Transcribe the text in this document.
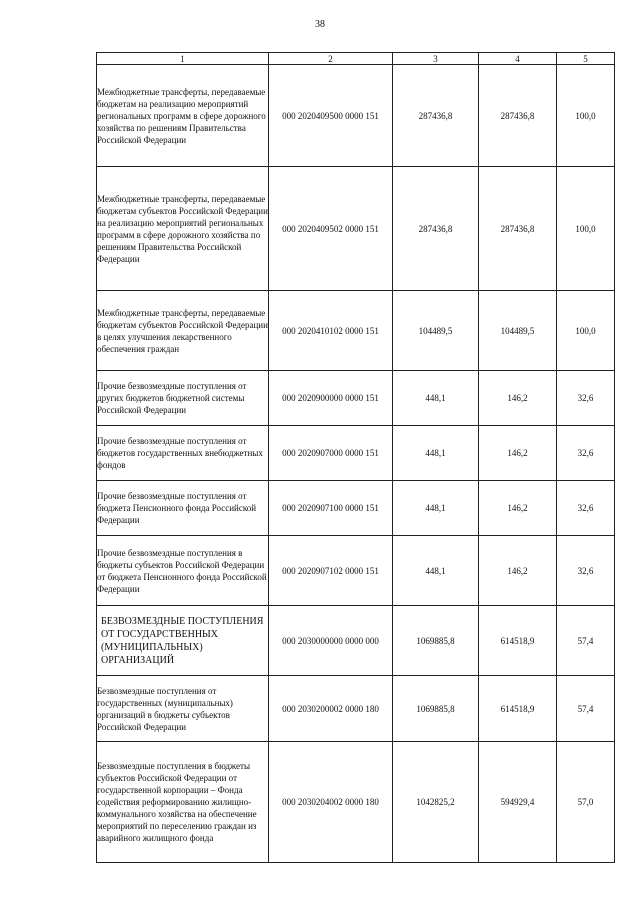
38
1	2	3	4	5

Межбюджетные трансферты, передаваемые бюджетам на реализацию мероприятий региональных программ в сфере дорожного хозяйства по решениям Правительства Российской Федерации	000 2020409500 0000 151	287436,8	287436,8	100,0

Межбюджетные трансферты, передаваемые бюджетам субъектов Российской Федерации на реализацию мероприятий региональных программ в сфере дорожного хозяйства по решениям Правительства Российской Федерации	000 2020409502 0000 151	287436,8	287436,8	100,0

Межбюджетные трансферты, передаваемые бюджетам субъектов Российской Федерации в целях улучшения лекарственного обеспечения граждан	000 2020410102 0000 151	104489,5	104489,5	100,0

Прочие безвозмездные поступления от других бюджетов бюджетной системы Российской Федерации	000 2020900000 0000 151	448,1	146,2	32,6

Прочие безвозмездные поступления от бюджетов государственных внебюджетных фондов	000 2020907000 0000 151	448,1	146,2	32,6

Прочие безвозмездные поступления от бюджета Пенсионного фонда Российской Федерации	000 2020907100 0000 151	448,1	146,2	32,6

Прочие безвозмездные поступления в бюджеты субъектов Российской Федерации от бюджета Пенсионного фонда Российской Федерации	000 2020907102 0000 151	448,1	146,2	32,6

БЕЗВОЗМЕЗДНЫЕ ПОСТУПЛЕНИЯ ОТ ГОСУДАРСТВЕННЫХ (МУНИЦИПАЛЬНЫХ) ОРГАНИЗАЦИЙ	000 2030000000 0000 000	1069885,8	614518,9	57,4

Безвозмездные поступления от государственных (муниципальных) организаций в бюджеты субъектов Российской Федерации	000 2030200002 0000 180	1069885,8	614518,9	57,4

Безвозмездные поступления в бюджеты субъектов Российской Федерации от государственной корпорации – Фонда содействия реформированию жилищно-коммунального хозяйства на обеспечение мероприятий по переселению граждан из аварийного жилищного фонда	000 2030204002 0000 180	1042825,2	594929,4	57,0
